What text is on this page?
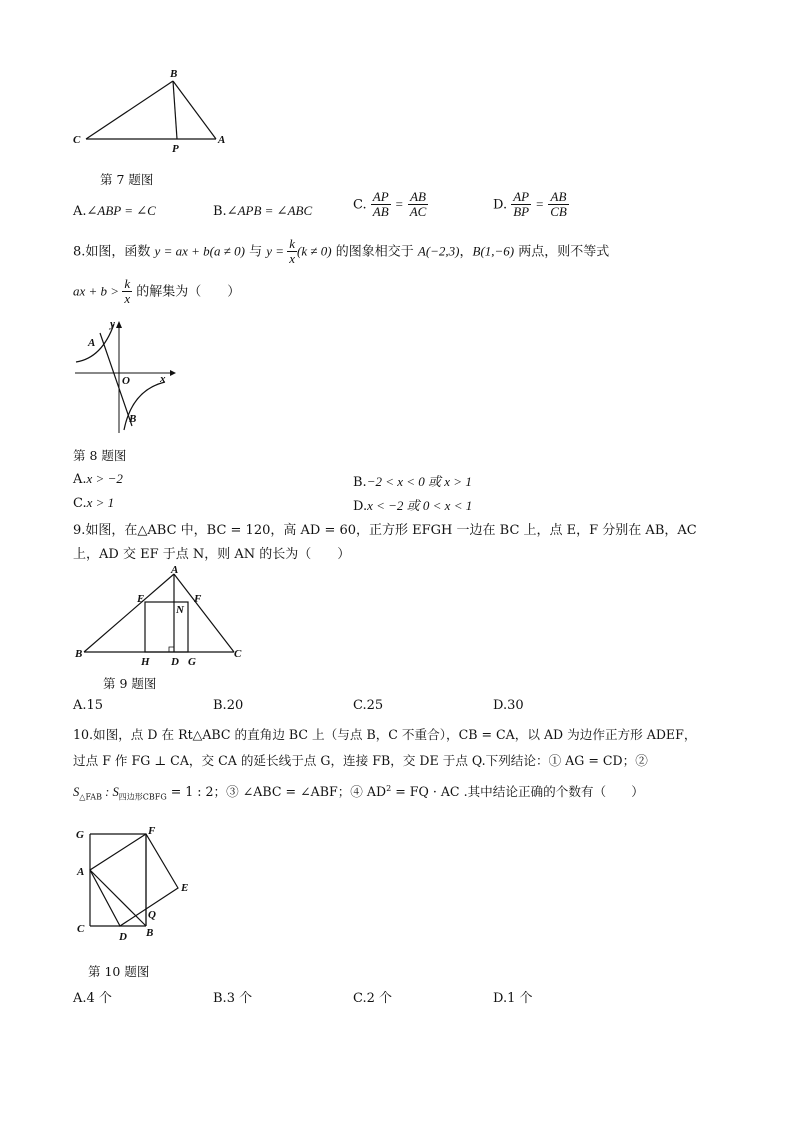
B
C
P
A
第 7 题图
A.∠ABP = ∠C	B.∠APB = ∠ABC	C. $\frac{AP}{AB} = \frac{AB}{AC}$	D. $\frac{AP}{BP} = \frac{AB}{CB}$
8.如图，函数 y = ax + b(a ≠ 0) 与 $y = \frac{k}{x} (k \ne 0)$ 的图象相交于 A(−2,3)，B(1,−6) 两点，则不等式
ax + $b > \frac{k}{x}$ 的解集为（　　）
y
A
O	x
B
第 8 题图
A.x > −2	B.−2 < x < 0 或 x > 1
C.x > 1	D.x < −2 或 0 < x < 1
9.如图，在△ABC 中，BC = 120，高 AD = 60，正方形 EFGH 一边在 BC 上，点 E，F 分别在 AB，AC
上，AD 交 EF 于点 N，则 AN 的长为（　　）
A
E
N
F
B
H D G
C
第 9 题图
A.15	B.20	C.25	D.30
10.如图，点 D 在 Rt△ABC 的直角边 BC 上（与点 B，C 不重合），CB = CA，以 AD 为边作正方形 ADEF，
过点 F 作 FG ⊥ CA，交 CA 的延长线于点 G，连接 FB，交 DE 于点 Q.下列结论：① AG = CD；②
$S_{\triangle FAB}$ : $S_{四边形CBFG} = 1$ : 2；③ ∠ABC = ∠ABF；④ $AD^2$ = FQ · AC .其中结论正确的个数有（　　）
G	F
A
E
Q
C
D B
第 10 题图
A.4 个	B.3 个	C.2 个	D.1 个
